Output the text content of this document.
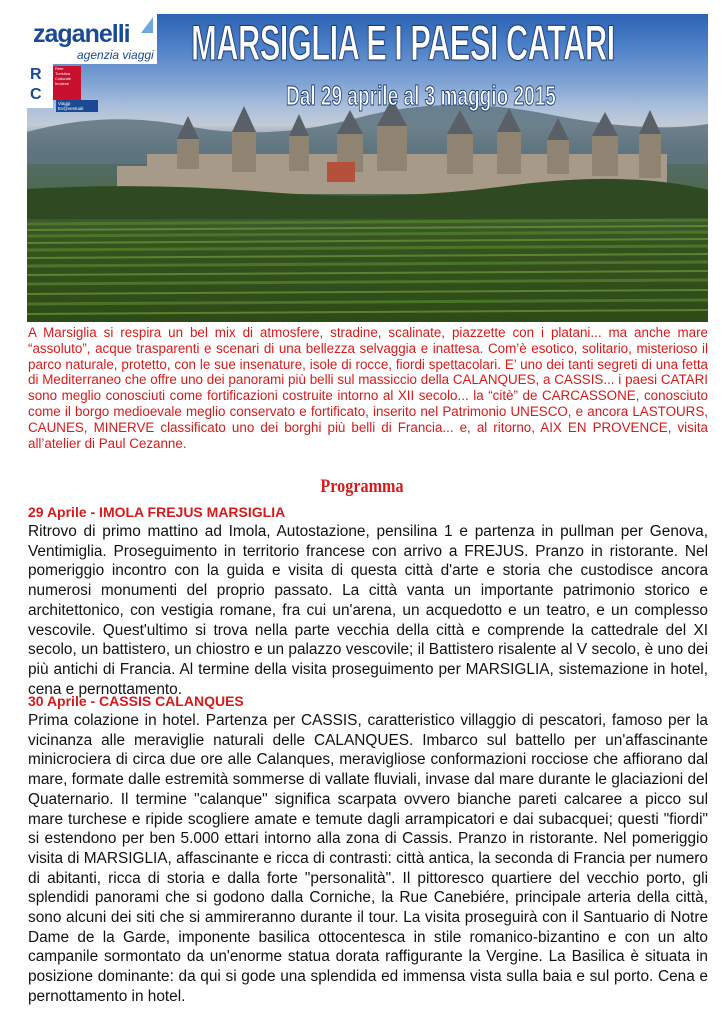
zaganelli
agenzia viaggi
R
C
Rete
Turistica
Culturale
Imolese
Viaggi Ev@ventuali
MARSIGLIA E I PAESI CATARI
Dal 29 aprile al 3 maggio 2015

A Marsiglia si respira un bel mix di atmosfere, stradine, scalinate, piazzette con i platani... ma anche mare “assoluto”, acque trasparenti e scenari di una bellezza selvaggia e inattesa. Com’è esotico, solitario, misterioso il parco naturale, protetto, con le sue insenature, isole di rocce, fiordi spettacolari. E’ uno dei tanti segreti di una fetta di Mediterraneo che offre uno dei panorami più belli sul massiccio della CALANQUES, a CASSIS... i paesi CATARI sono meglio conosciuti come fortificazioni costruite intorno al XII secolo... la “citè” de CARCASSONE, conosciuto come il borgo medioevale meglio conservato e fortificato, inserito nel Patrimonio UNESCO, e ancora LASTOURS, CAUNES, MINERVE classificato uno dei borghi più belli di Francia... e, al ritorno, AIX EN PROVENCE, visita all’atelier di Paul Cezanne.

Programma
29 Aprile - IMOLA FREJUS MARSIGLIA

Ritrovo di primo mattino ad Imola, Autostazione, pensilina 1 e partenza in pullman per Genova, Ventimiglia. Proseguimento in territorio francese con arrivo a FREJUS. Pranzo in ristorante. Nel pomeriggio incontro con la guida e visita di questa città d'arte e storia che custodisce ancora numerosi monumenti del proprio passato. La città vanta un importante patrimonio storico e architettonico, con vestigia romane, fra cui un'arena, un acquedotto e un teatro, e un complesso vescovile. Quest'ultimo si trova nella parte vecchia della città e comprende la cattedrale del XI secolo, un battistero, un chiostro e un palazzo vescovile; il Battistero risalente al V secolo, è uno dei più antichi di Francia. Al termine della visita proseguimento per MARSIGLIA, sistemazione in hotel, cena e pernottamento.

30 Aprile - CASSIS CALANQUES

Prima colazione in hotel. Partenza per CASSIS, caratteristico villaggio di pescatori, famoso per la vicinanza alle meraviglie naturali delle CALANQUES. Imbarco sul battello per un'affascinante minicrociera di circa due ore alle Calanques, meravigliose conformazioni rocciose che affiorano dal mare, formate dalle estremità sommerse di vallate fluviali, invase dal mare durante le glaciazioni del Quaternario. Il termine "calanque" significa scarpata ovvero bianche pareti calcaree a picco sul mare turchese e ripide scogliere amate e temute dagli arrampicatori e dai subacquei; questi "fiordi" si estendono per ben 5.000 ettari intorno alla zona di Cassis. Pranzo in ristorante. Nel pomeriggio visita di MARSIGLIA, affascinante e ricca di contrasti: città antica, la seconda di Francia per numero di abitanti, ricca di storia e dalla forte "personalità". Il pittoresco quartiere del vecchio porto, gli splendidi panorami che si godono dalla Corniche, la Rue Canebiére, principale arteria della città, sono alcuni dei siti che si ammireranno durante il tour. La visita proseguirà con il Santuario di Notre Dame de la Garde, imponente basilica ottocentesca in stile romanico-bizantino e con un alto campanile sormontato da un'enorme statua dorata raffigurante la Vergine. La Basilica è situata in posizione dominante: da qui si gode una splendida ed immensa vista sulla baia e sul porto. Cena e pernottamento in hotel.
